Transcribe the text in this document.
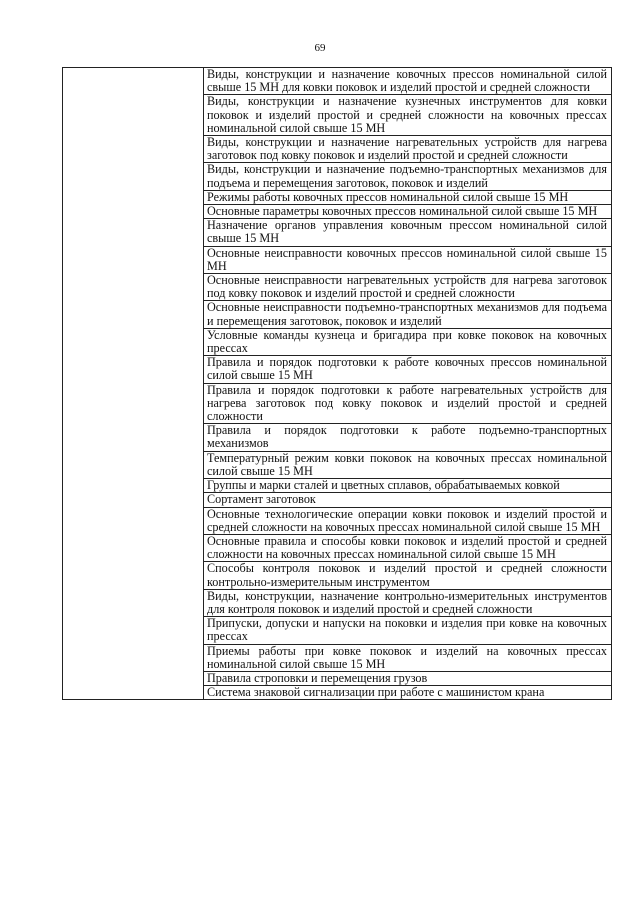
69

Виды, конструкции и назначение ковочных прессов номинальной силой свыше 15 МН для ковки поковок и изделий простой и средней сложности
Виды, конструкции и назначение кузнечных инструментов для ковки поковок и изделий простой и средней сложности на ковочных прессах номинальной силой свыше 15 МН
Виды, конструкции и назначение нагревательных устройств для нагрева заготовок под ковку поковок и изделий простой и средней сложности
Виды, конструкции и назначение подъемно-транспортных механизмов для подъема и перемещения заготовок, поковок и изделий
Режимы работы ковочных прессов номинальной силой свыше 15 МН
Основные параметры ковочных прессов номинальной силой свыше 15 МН
Назначение органов управления ковочным прессом номинальной силой свыше 15 МН
Основные неисправности ковочных прессов номинальной силой свыше 15 МН
Основные неисправности нагревательных устройств для нагрева заготовок под ковку поковок и изделий простой и средней сложности
Основные неисправности подъемно-транспортных механизмов для подъема и перемещения заготовок, поковок и изделий
Условные команды кузнеца и бригадира при ковке поковок на ковочных прессах
Правила и порядок подготовки к работе ковочных прессов номинальной силой свыше 15 МН
Правила и порядок подготовки к работе нагревательных устройств для нагрева заготовок под ковку поковок и изделий простой и средней сложности
Правила и порядок подготовки к работе подъемно-транспортных механизмов
Температурный режим ковки поковок на ковочных прессах номинальной силой свыше 15 МН
Группы и марки сталей и цветных сплавов, обрабатываемых ковкой
Сортамент заготовок
Основные технологические операции ковки поковок и изделий простой и средней сложности на ковочных прессах номинальной силой свыше 15 МН
Основные правила и способы ковки поковок и изделий простой и средней сложности на ковочных прессах номинальной силой свыше 15 МН
Способы контроля поковок и изделий простой и средней сложности контрольно-измерительным инструментом
Виды, конструкции, назначение контрольно-измерительных инструментов для контроля поковок и изделий простой и средней сложности
Припуски, допуски и напуски на поковки и изделия при ковке на ковочных прессах
Приемы работы при ковке поковок и изделий на ковочных прессах номинальной силой свыше 15 МН
Правила строповки и перемещения грузов
Система знаковой сигнализации при работе с машинистом крана
